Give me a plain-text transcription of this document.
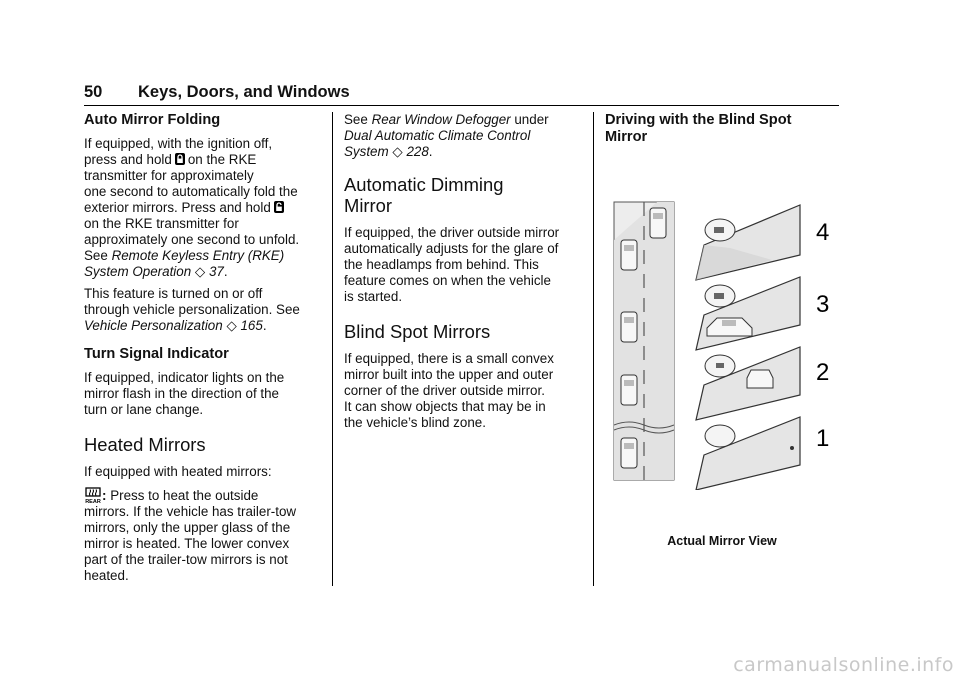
50 Keys, Doors, and Windows
Auto Mirror Folding

If equipped, with the ignition off,
press and hold on the RKE
transmitter for approximately
one second to automatically fold the
exterior mirrors. Press and hold
on the RKE transmitter for
approximately one second to unfold.
See Remote Keyless Entry (RKE)
System Operation ◇ 37.

This feature is turned on or off
through vehicle personalization. See
Vehicle Personalization ◇ 165.

Turn Signal Indicator

If equipped, indicator lights on the
mirror flash in the direction of the
turn or lane change.

Heated Mirrors

If equipped with heated mirrors:

REAR : Press to heat the outside
mirrors. If the vehicle has trailer-tow
mirrors, only the upper glass of the
mirror is heated. The lower convex
part of the trailer-tow mirrors is not
heated.

See Rear Window Defogger under
Dual Automatic Climate Control
System ◇ 228.

Automatic Dimming
Mirror

If equipped, the driver outside mirror
automatically adjusts for the glare of
the headlamps from behind. This
feature comes on when the vehicle
is started.

Blind Spot Mirrors

If equipped, there is a small convex
mirror built into the upper and outer
corner of the driver outside mirror.
It can show objects that may be in
the vehicle’s blind zone.

Driving with the Blind Spot
Mirror
4
3
2
1
Actual Mirror View
carmanualsonline.info
